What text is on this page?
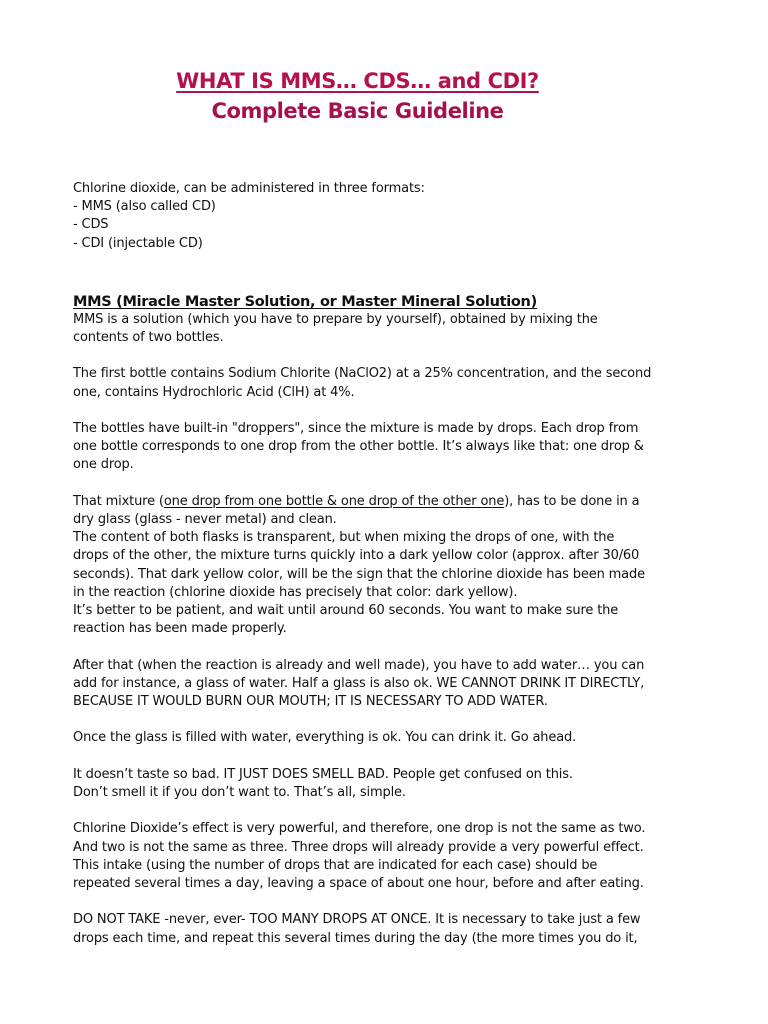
WHAT IS MMS… CDS… and CDI?
Complete Basic Guideline

Chlorine dioxide, can be administered in three formats:

- MMS (also called CD)

- CDS

- CDI (injectable CD)

MMS (Miracle Master Solution, or Master Mineral Solution)

MMS is a solution (which you have to prepare by yourself), obtained by mixing the contents of two bottles.

The first bottle contains Sodium Chlorite (NaClO2) at a 25% concentration, and the second one, contains Hydrochloric Acid (ClH) at 4%.

The bottles have built-in "droppers", since the mixture is made by drops. Each drop from one bottle corresponds to one drop from the other bottle. It’s always like that: one drop & one drop.

That mixture (one drop from one bottle & one drop of the other one), has to be done in a dry glass (glass - never metal) and clean.

The content of both flasks is transparent, but when mixing the drops of one, with the drops of the other, the mixture turns quickly into a dark yellow color (approx. after 30/60 seconds). That dark yellow color, will be the sign that the chlorine dioxide has been made in the reaction (chlorine dioxide has precisely that color: dark yellow).

It’s better to be patient, and wait until around 60 seconds. You want to make sure the reaction has been made properly.

After that (when the reaction is already and well made), you have to add water… you can add for instance, a glass of water. Half a glass is also ok. WE CANNOT DRINK IT DIRECTLY, BECAUSE IT WOULD BURN OUR MOUTH; IT IS NECESSARY TO ADD WATER.

Once the glass is filled with water, everything is ok. You can drink it. Go ahead.

It doesn’t taste so bad. IT JUST DOES SMELL BAD. People get confused on this.

Don’t smell it if you don’t want to. That’s all, simple.

Chlorine Dioxide’s effect is very powerful, and therefore, one drop is not the same as two. And two is not the same as three. Three drops will already provide a very powerful effect. This intake (using the number of drops that are indicated for each case) should be repeated several times a day, leaving a space of about one hour, before and after eating.

DO NOT TAKE -never, ever- TOO MANY DROPS AT ONCE. It is necessary to take just a few drops each time, and repeat this several times during the day (the more times you do it,
